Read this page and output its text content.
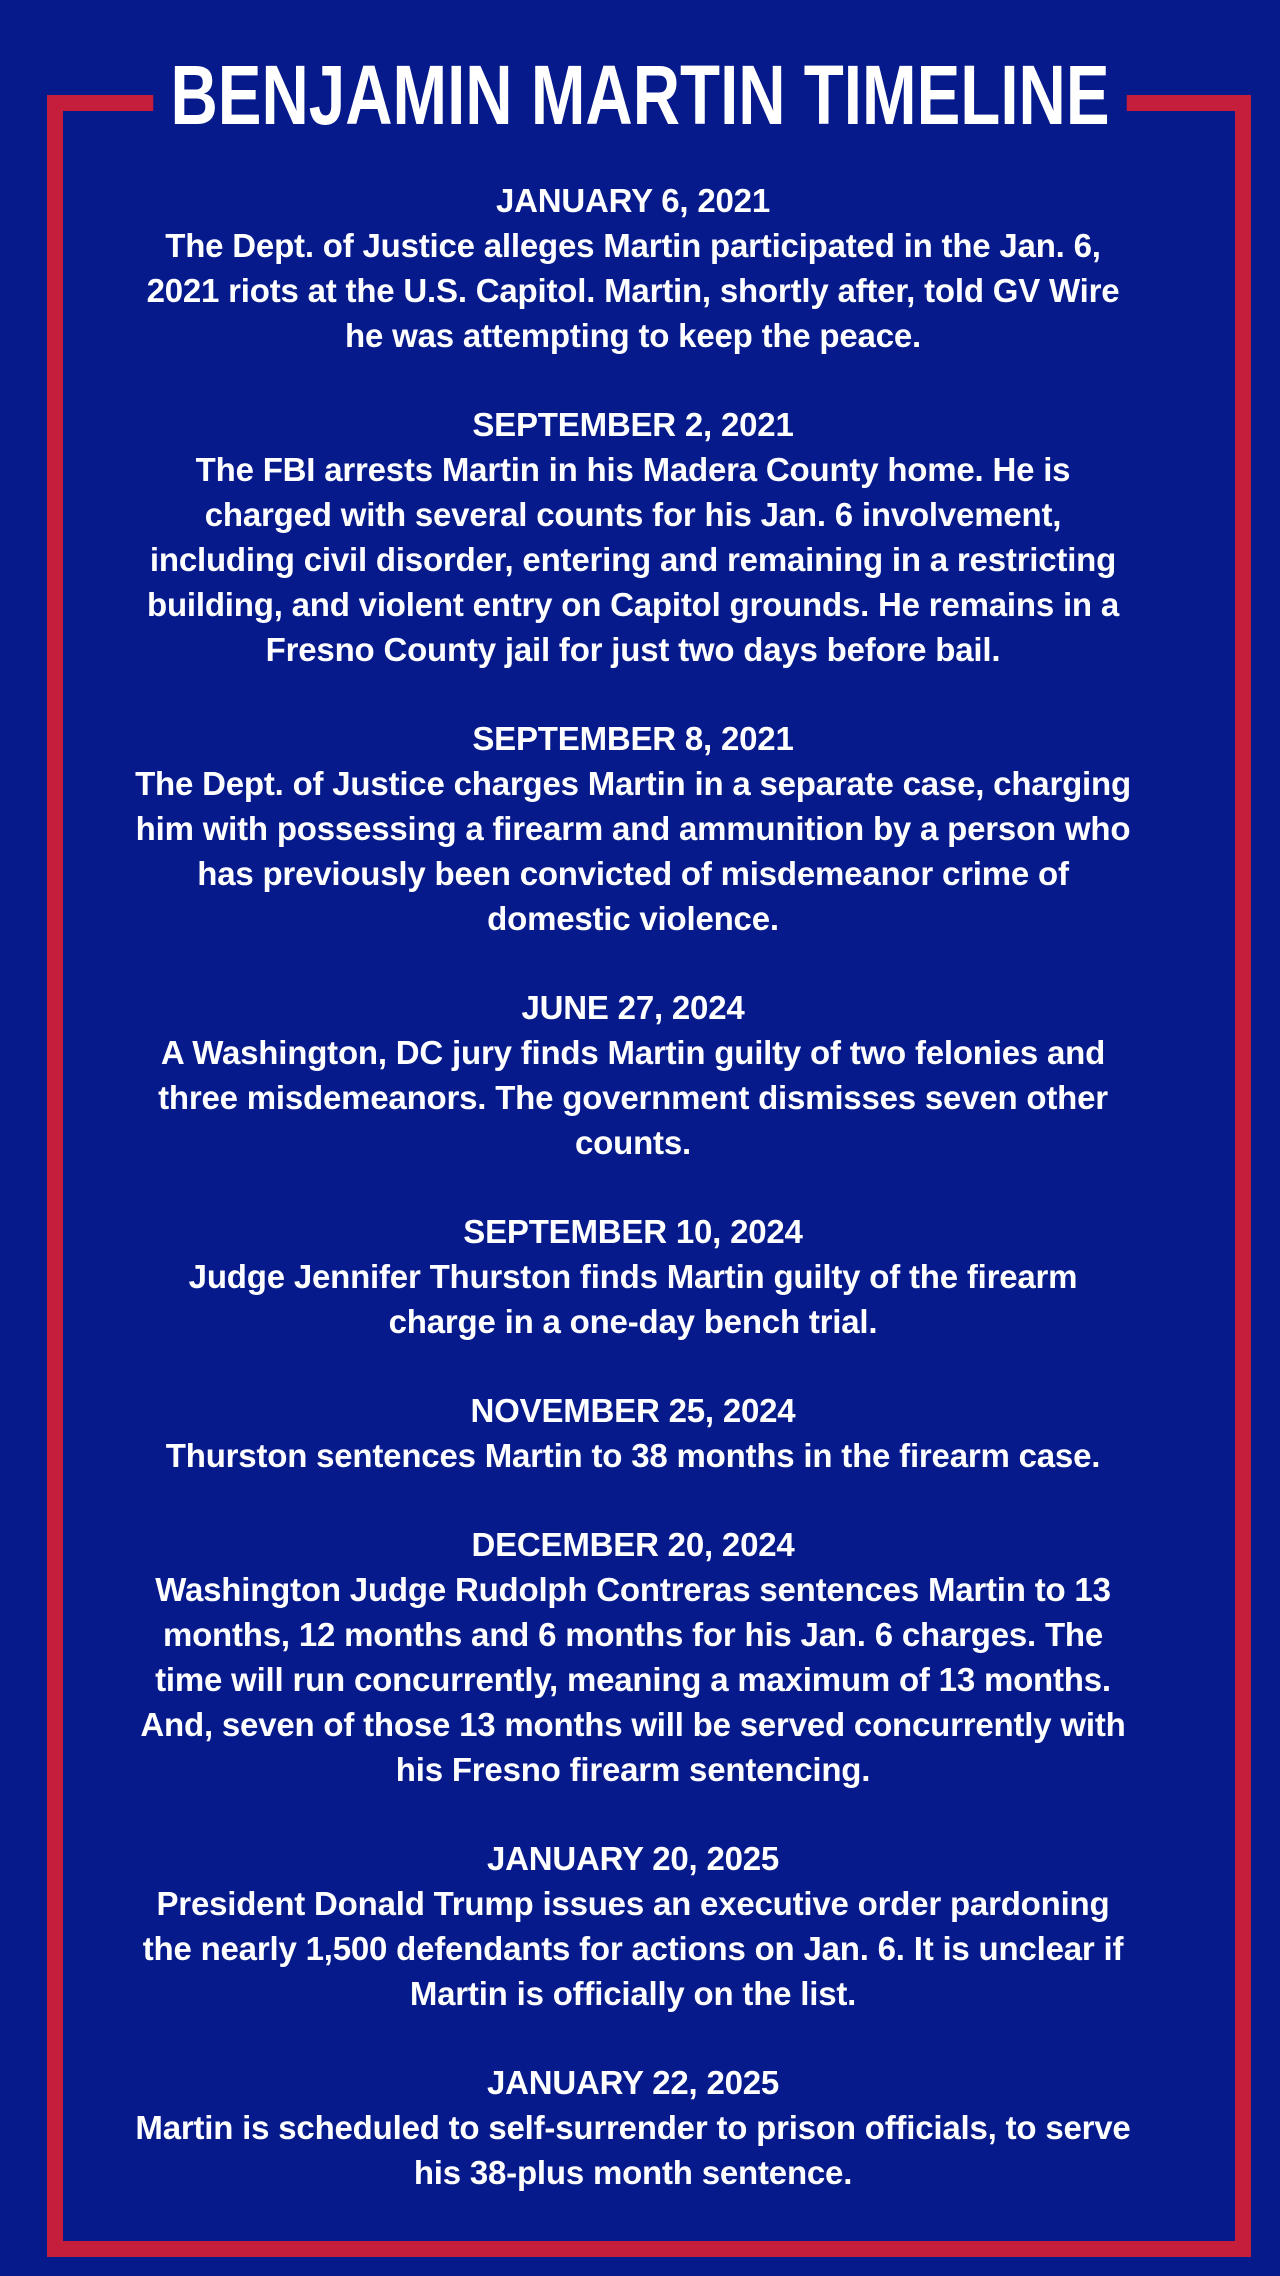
BENJAMIN MARTIN TIMELINE

JANUARY 6, 2021

The Dept. of Justice alleges Martin participated in the Jan. 6, 2021 riots at the U.S. Capitol. Martin, shortly after, told GV Wire he was attempting to keep the peace.

SEPTEMBER 2, 2021

The FBI arrests Martin in his Madera County home. He is charged with several counts for his Jan. 6 involvement, including civil disorder, entering and remaining in a restricting building, and violent entry on Capitol grounds. He remains in a Fresno County jail for just two days before bail.

SEPTEMBER 8, 2021

The Dept. of Justice charges Martin in a separate case, charging him with possessing a firearm and ammunition by a person who has previously been convicted of misdemeanor crime of domestic violence.

JUNE 27, 2024

A Washington, DC jury finds Martin guilty of two felonies and three misdemeanors. The government dismisses seven other counts.

SEPTEMBER 10, 2024

Judge Jennifer Thurston finds Martin guilty of the firearm charge in a one-day bench trial.

NOVEMBER 25, 2024

Thurston sentences Martin to 38 months in the firearm case.

DECEMBER 20, 2024

Washington Judge Rudolph Contreras sentences Martin to 13 months, 12 months and 6 months for his Jan. 6 charges. The time will run concurrently, meaning a maximum of 13 months. And, seven of those 13 months will be served concurrently with his Fresno firearm sentencing.

JANUARY 20, 2025

President Donald Trump issues an executive order pardoning the nearly 1,500 defendants for actions on Jan. 6. It is unclear if Martin is officially on the list.

JANUARY 22, 2025

Martin is scheduled to self-surrender to prison officials, to serve his 38-plus month sentence.
